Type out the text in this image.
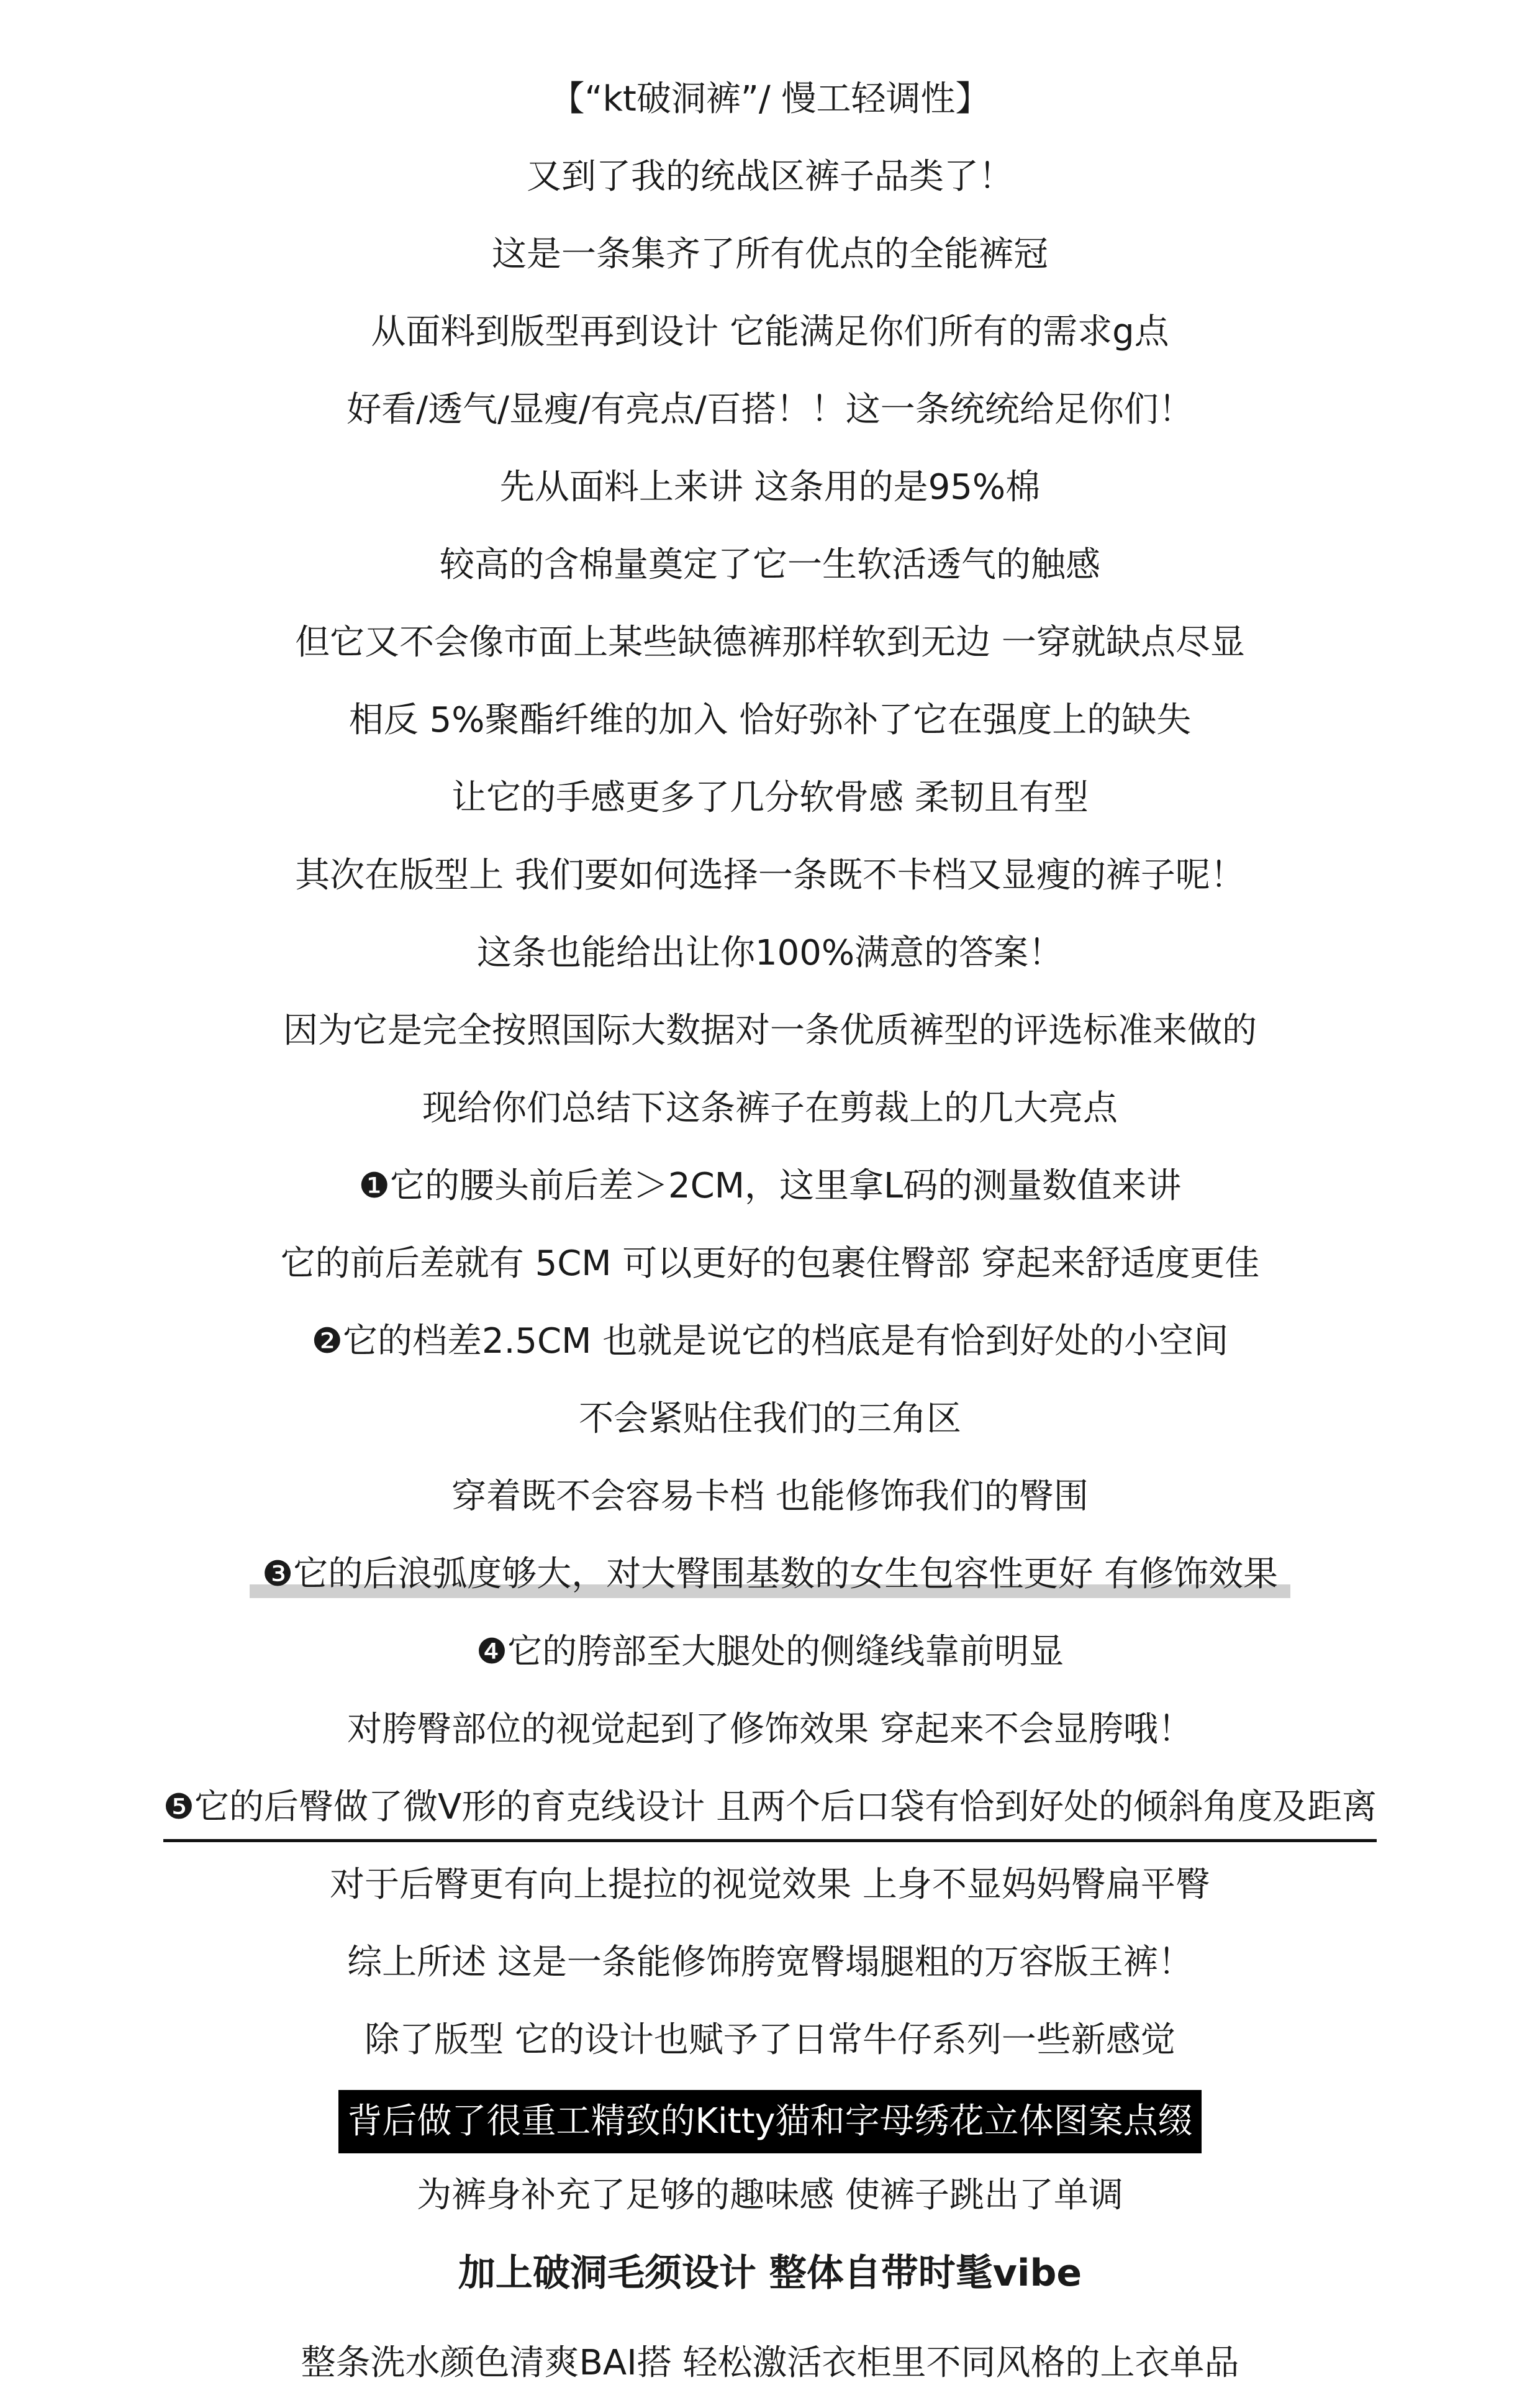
【“kt破洞裤”/ 慢工轻调性】
又到了我的统战区裤子品类了！
这是一条集齐了所有优点的全能裤冠
从面料到版型再到设计 它能满足你们所有的需求g点
好看/透气/显瘦/有亮点/百搭！！这一条统统给足你们！
先从面料上来讲 这条用的是95%棉
较高的含棉量奠定了它一生软活透气的触感
但它又不会像市面上某些缺德裤那样软到无边 一穿就缺点尽显
相反 5%聚酯纤维的加入 恰好弥补了它在强度上的缺失
让它的手感更多了几分软骨感 柔韧且有型
其次在版型上 我们要如何选择一条既不卡档又显瘦的裤子呢！
这条也能给出让你100%满意的答案！
因为它是完全按照国际大数据对一条优质裤型的评选标准来做的
现给你们总结下这条裤子在剪裁上的几大亮点
❶它的腰头前后差＞2CM，这里拿L码的测量数值来讲
它的前后差就有 5CM 可以更好的包裹住臀部 穿起来舒适度更佳
❷它的档差2.5CM 也就是说它的档底是有恰到好处的小空间
不会紧贴住我们的三角区
穿着既不会容易卡档 也能修饰我们的臀围
❸它的后浪弧度够大，对大臀围基数的女生包容性更好 有修饰效果
❹它的胯部至大腿处的侧缝线靠前明显
对胯臀部位的视觉起到了修饰效果 穿起来不会显胯哦！
❺它的后臀做了微V形的育克线设计 且两个后口袋有恰到好处的倾斜角度及距离
对于后臀更有向上提拉的视觉效果 上身不显妈妈臀扁平臀
综上所述 这是一条能修饰胯宽臀塌腿粗的万容版王裤！
除了版型 它的设计也赋予了日常牛仔系列一些新感觉
背后做了很重工精致的Kitty猫和字母绣花立体图案点缀
为裤身补充了足够的趣味感 使裤子跳出了单调
加上破洞毛须设计 整体自带时髦vibe
整条洗水颜色清爽BAI搭 轻松激活衣柜里不同风格的上衣单品
